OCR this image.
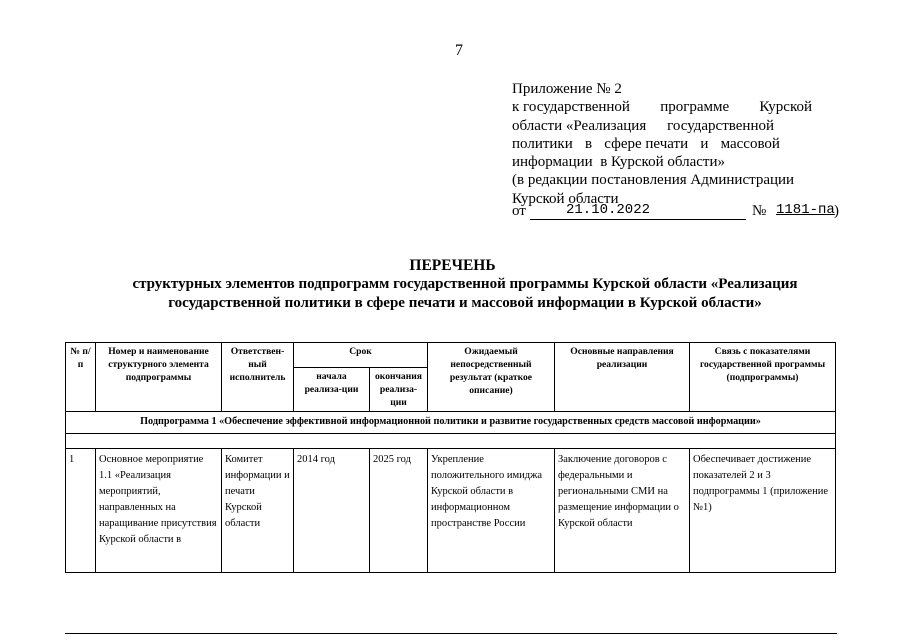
7
Приложение № 2
к государственной программе Курской
области «Реализация государственной
политики в сфере печати и массовой
информации в Курской области»
(в редакции постановления Администрации
Курской области
от	21.10.2022	№ 1181-па )
ПЕРЕЧЕНЬ
структурных элементов подпрограмм государственной программы Курской области «Реализация государственной политики в сфере печати и массовой информации в Курской области»
№ п/п	Номер и наименование структурного элемента подпрограммы	Ответствен-ный исполнитель	Срок		Ожидаемый непосредственный результат (краткое описание)	Основные направления реализации	Связь с показателями государственной программы (подпрограммы)
			начала реализа-ции	окончания реализа-ции			
Подпрограмма 1 «Обеспечение эффективной информационной политики и развитие государственных средств массовой информации»							

1	Основное мероприятие 1.1 «Реализация мероприятий, направленных на наращивание присутствия Курской области в	Комитет информации и печати Курской области	2014 год	2025 год	Укрепление положительного имиджа Курской области в информационном пространстве России	Заключение договоров с федеральными и региональными СМИ на размещение информации о Курской области	Обеспечивает достижение показателей 2 и 3 подпрограммы 1 (приложение №1)
